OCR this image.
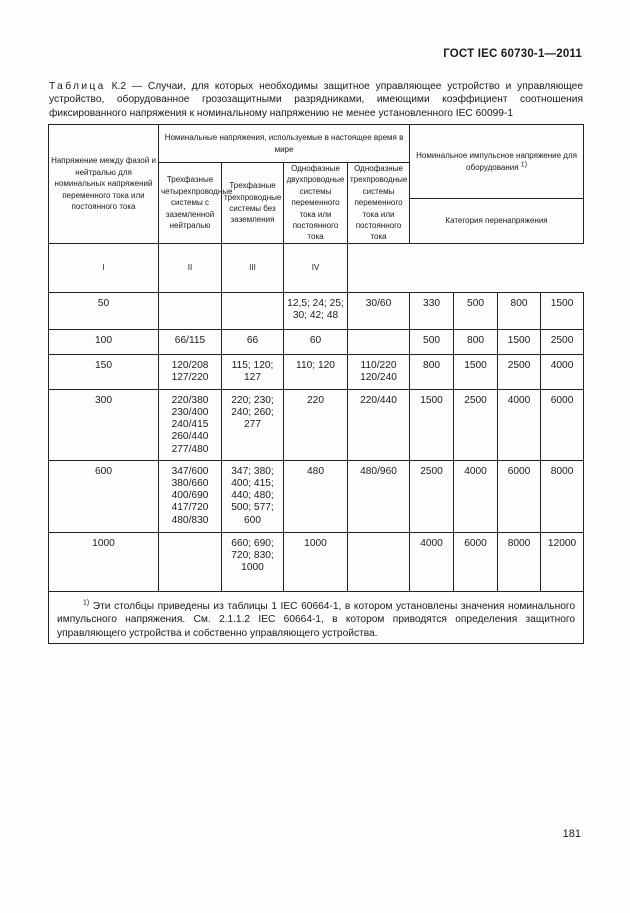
ГОСТ IEC 60730-1—2011
Таблица К.2 — Случаи, для которых необходимы защитное управляющее устройство и управляющее устройство, оборудованное грозозащитными разрядниками, имеющими коэффициент соотношения фиксированного напряжения к номинальному напряжению не менее установленного IEC 60099-1
Напряжение между фазой и нейтралью для номинальных напряжений переменного тока или постоянного тока	Номинальные напряжения, используемые в настоящее время в мире				Номинальное импульсное напряжение для оборудования 1)			
	Трехфазные четырехпроводные системы с заземленной нейтралью	Трехфазные трехпроводные системы без заземления	Однофазные двухпроводные системы переменного тока или постоянного тока	Однофазные трехпроводные системы переменного тока или постоянного тока				
					Категория перенапряжения			
I	II	III	IV					
50			12,5; 24; 25; 30; 42; 48	30/60	330	500	800	1500
100	66/115	66	60		500	800	1500	2500
150	120/208 127/220	115; 120; 127	110; 120	110/220 120/240	800	1500	2500	4000
300	220/380 230/400 240/415 260/440 277/480	220; 230; 240; 260; 277	220	220/440	1500	2500	4000	6000
600	347/600 380/660 400/690 417/720 480/830	347; 380; 400; 415; 440; 480; 500; 577; 600	480	480/960	2500	4000	6000	8000
1000		660; 690; 720; 830; 1000	1000		4000	6000	8000	12000
$^{1)}$ Эти столбцы приведены из таблицы 1 IEC 60664-1, в котором установлены значения номинального импульсного напряжения. См. 2.1.1.2 IEC 60664-1, в котором приводятся определения защитного управляющего устройства и собственно управляющего устройства.								
181
